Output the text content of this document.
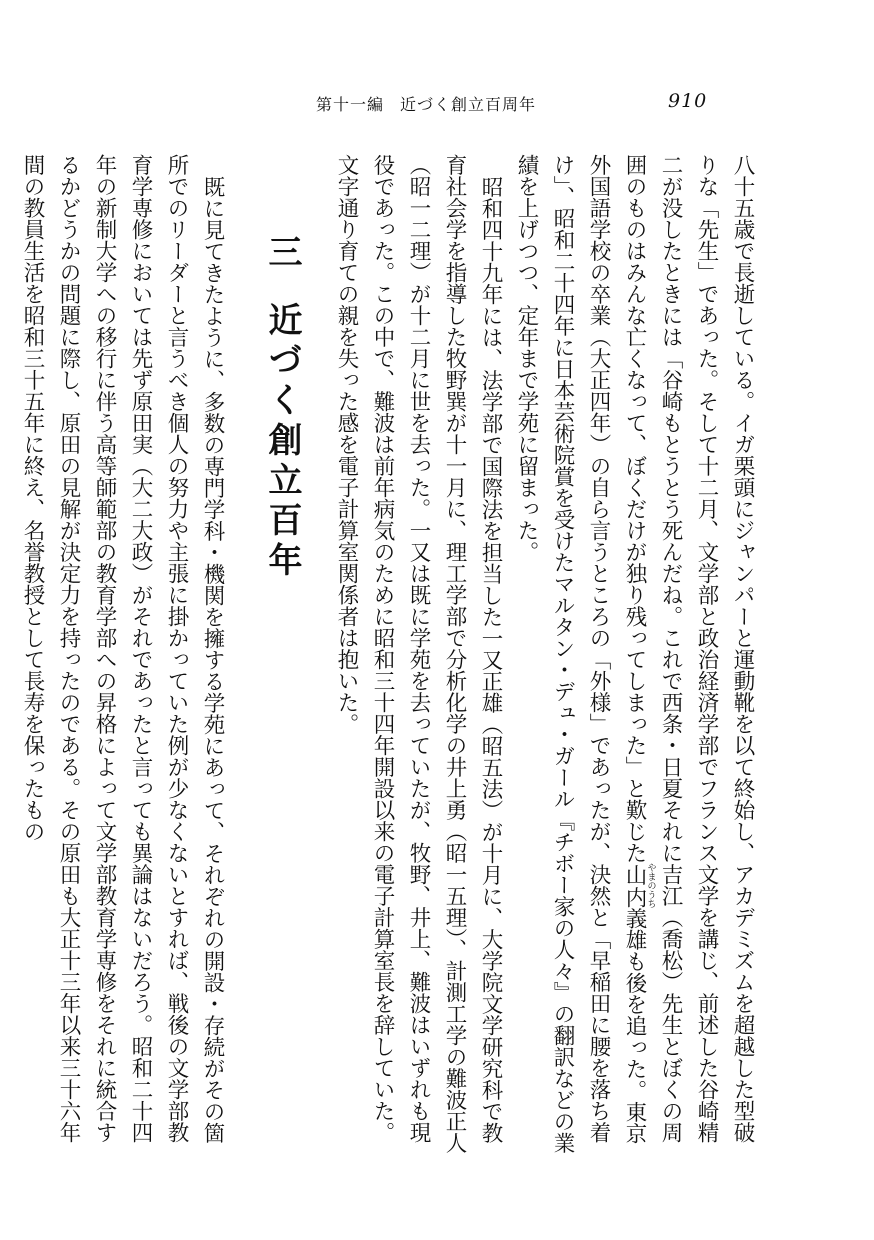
第十一編 近づく創立百周年	910

八十五歳で長逝している。イガ栗頭にジャンパーと運動靴を以て終始し、アカデミズムを超越した型破りな「先生」であった。そして十二月、文学部と政治経済学部でフランス文学を講じ、前述した谷崎精二が没したときには「谷崎もとうとう死んだね。これで西条・日夏それに吉江（喬松）先生とぼくの周囲のものはみんな亡くなって、ぼくだけが独り残ってしまった」と歎じた山内やまのうち義雄も後を追った。東京外国語学校の卒業（大正四年）の自ら言うところの「外様」であったが、決然と「早稲田に腰を落ち着け」、昭和二十四年に日本芸術院賞を受けたマルタン・デュ・ガール『チボー家の人々』の翻訳などの業績を上げつつ、定年まで学苑に留まった。

昭和四十九年には、法学部で国際法を担当した一又正雄（昭五法）が十月に、大学院文学研究科で教育社会学を指導した牧野巽が十一月に、理工学部で分析化学の井上勇（昭一五理）、計測工学の難波正人（昭一二理）が十二月に世を去った。一又は既に学苑を去っていたが、牧野、井上、難波はいずれも現役であった。この中で、難波は前年病気のために昭和三十四年開設以来の電子計算室長を辞していた。文字通り育ての親を失った感を電子計算室関係者は抱いた。

三近づく創立百年

既に見てきたように、多数の専門学科・機関を擁する学苑にあって、それぞれの開設・存続がその箇所でのリーダーと言うべき個人の努力や主張に掛かっていた例が少なくないとすれば、戦後の文学部教育学専修においては先ず原田実（大二大政）がそれであったと言っても異論はないだろう。昭和二十四年の新制大学への移行に伴う高等師範部の教育学部への昇格によって文学部教育学専修をそれに統合するかどうかの問題に際し、原田の見解が決定力を持ったのである。その原田も大正十三年以来三十六年間の教員生活を昭和三十五年に終え、名誉教授として長寿を保ったもの
